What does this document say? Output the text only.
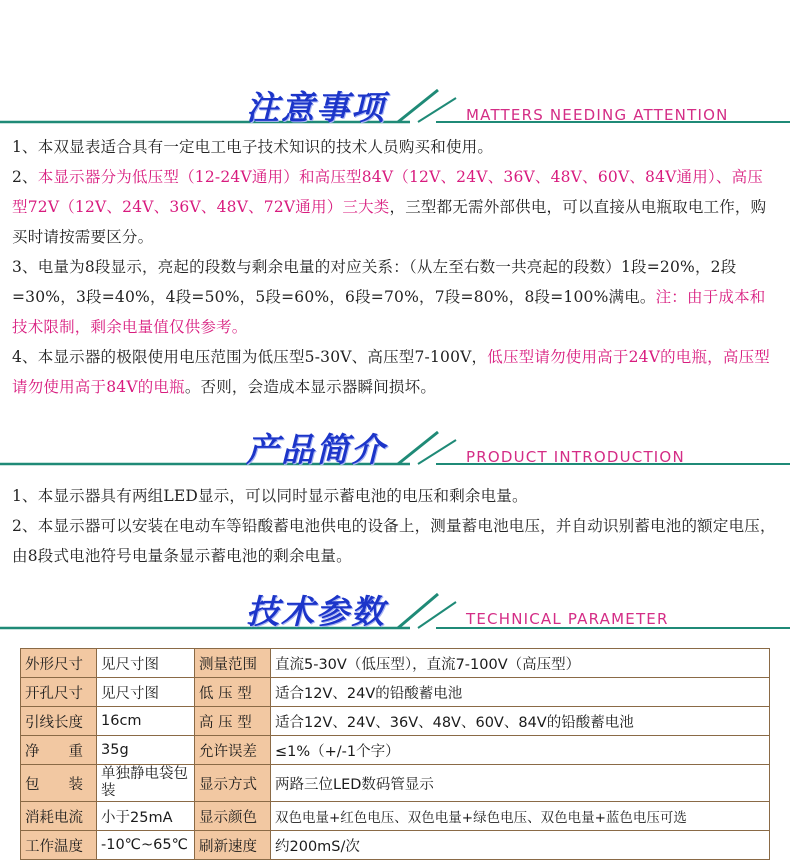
注意事项	MATTERS NEEDING ATTENTION

1、本双显表适合具有一定电工电子技术知识的技术人员购买和使用。

2、本显示器分为低压型（12-24V通用）和高压型84V（12V、24V、36V、48V、60V、84V通用）、高压型72V（12V、24V、36V、48V、72V通用）三大类，三型都无需外部供电，可以直接从电瓶取电工作，购买时请按需要区分。

3、电量为8段显示，亮起的段数与剩余电量的对应关系：（从左至右数一共亮起的段数）1段=20%，2段=30%，3段=40%，4段=50%，5段=60%，6段=70%，7段=80%，8段=100%满电。注：由于成本和技术限制，剩余电量值仅供参考。

4、本显示器的极限使用电压范围为低压型5-30V、高压型7-100V，低压型请勿使用高于24V的电瓶，高压型请勿使用高于84V的电瓶。否则，会造成本显示器瞬间损坏。

产品简介	PRODUCT INTRODUCTION

1、本显示器具有两组LED显示，可以同时显示蓄电池的电压和剩余电量。

2、本显示器可以安装在电动车等铅酸蓄电池供电的设备上，测量蓄电池电压，并自动识别蓄电池的额定电压，由8段式电池符号电量条显示蓄电池的剩余电量。

技术参数	TECHNICAL PARAMETER
外形尺寸	见尺寸图	测量范围	直流5-30V（低压型），直流7-100V（高压型）
开孔尺寸	见尺寸图	低 压 型	适合12V、24V的铅酸蓄电池
引线长度	16cm	高 压 型	适合12V、24V、36V、48V、60V、84V的铅酸蓄电池
净　　重	35g	允许误差	≤1%（+/-1个字）
包　　装	单独静电袋包装	显示方式	两路三位LED数码管显示
消耗电流	小于25mA	显示颜色	双色电量+红色电压、双色电量+绿色电压、双色电量+蓝色电压可选
工作温度	-10℃~65℃	刷新速度	约200mS/次
